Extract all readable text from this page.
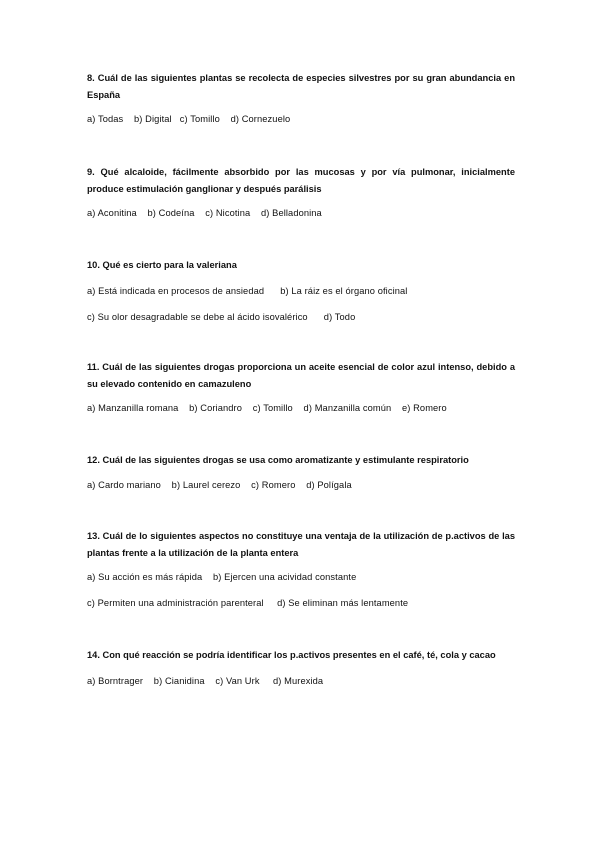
8. Cuál de las siguientes plantas se recolecta de especies silvestres por su gran abundancia en España

a) Todas    b) Digital   c) Tomillo    d) Cornezuelo

9. Qué alcaloide, fácilmente absorbido por las mucosas y por vía pulmonar, inicialmente produce estimulación ganglionar y después parálisis

a) Aconitina    b) Codeína    c) Nicotina    d) Belladonina

10. Qué es cierto para la valeriana

a) Está indicada en procesos de ansiedad      b) La ráiz es el órgano oficinal

c) Su olor desagradable se debe al ácido isovalérico      d) Todo

11. Cuál de las siguientes drogas proporciona un aceite esencial de color azul intenso, debido a su elevado contenido en camazuleno

a) Manzanilla romana    b) Coriandro    c) Tomillo    d) Manzanilla común    e) Romero

12. Cuál de las siguientes drogas se usa como aromatizante y estimulante respiratorio

a) Cardo mariano    b) Laurel cerezo    c) Romero    d) Polígala

13. Cuál de lo siguientes aspectos no constituye una ventaja de la utilización de p.activos de las plantas frente a la utilización de la planta entera

a) Su acción es más rápida    b) Ejercen una acividad constante

c) Permiten una administración parenteral     d) Se eliminan más lentamente

14. Con qué reacción se podría identificar los p.activos presentes en el café, té, cola y cacao

a) Borntrager    b) Cianidina    c) Van Urk     d) Murexida
